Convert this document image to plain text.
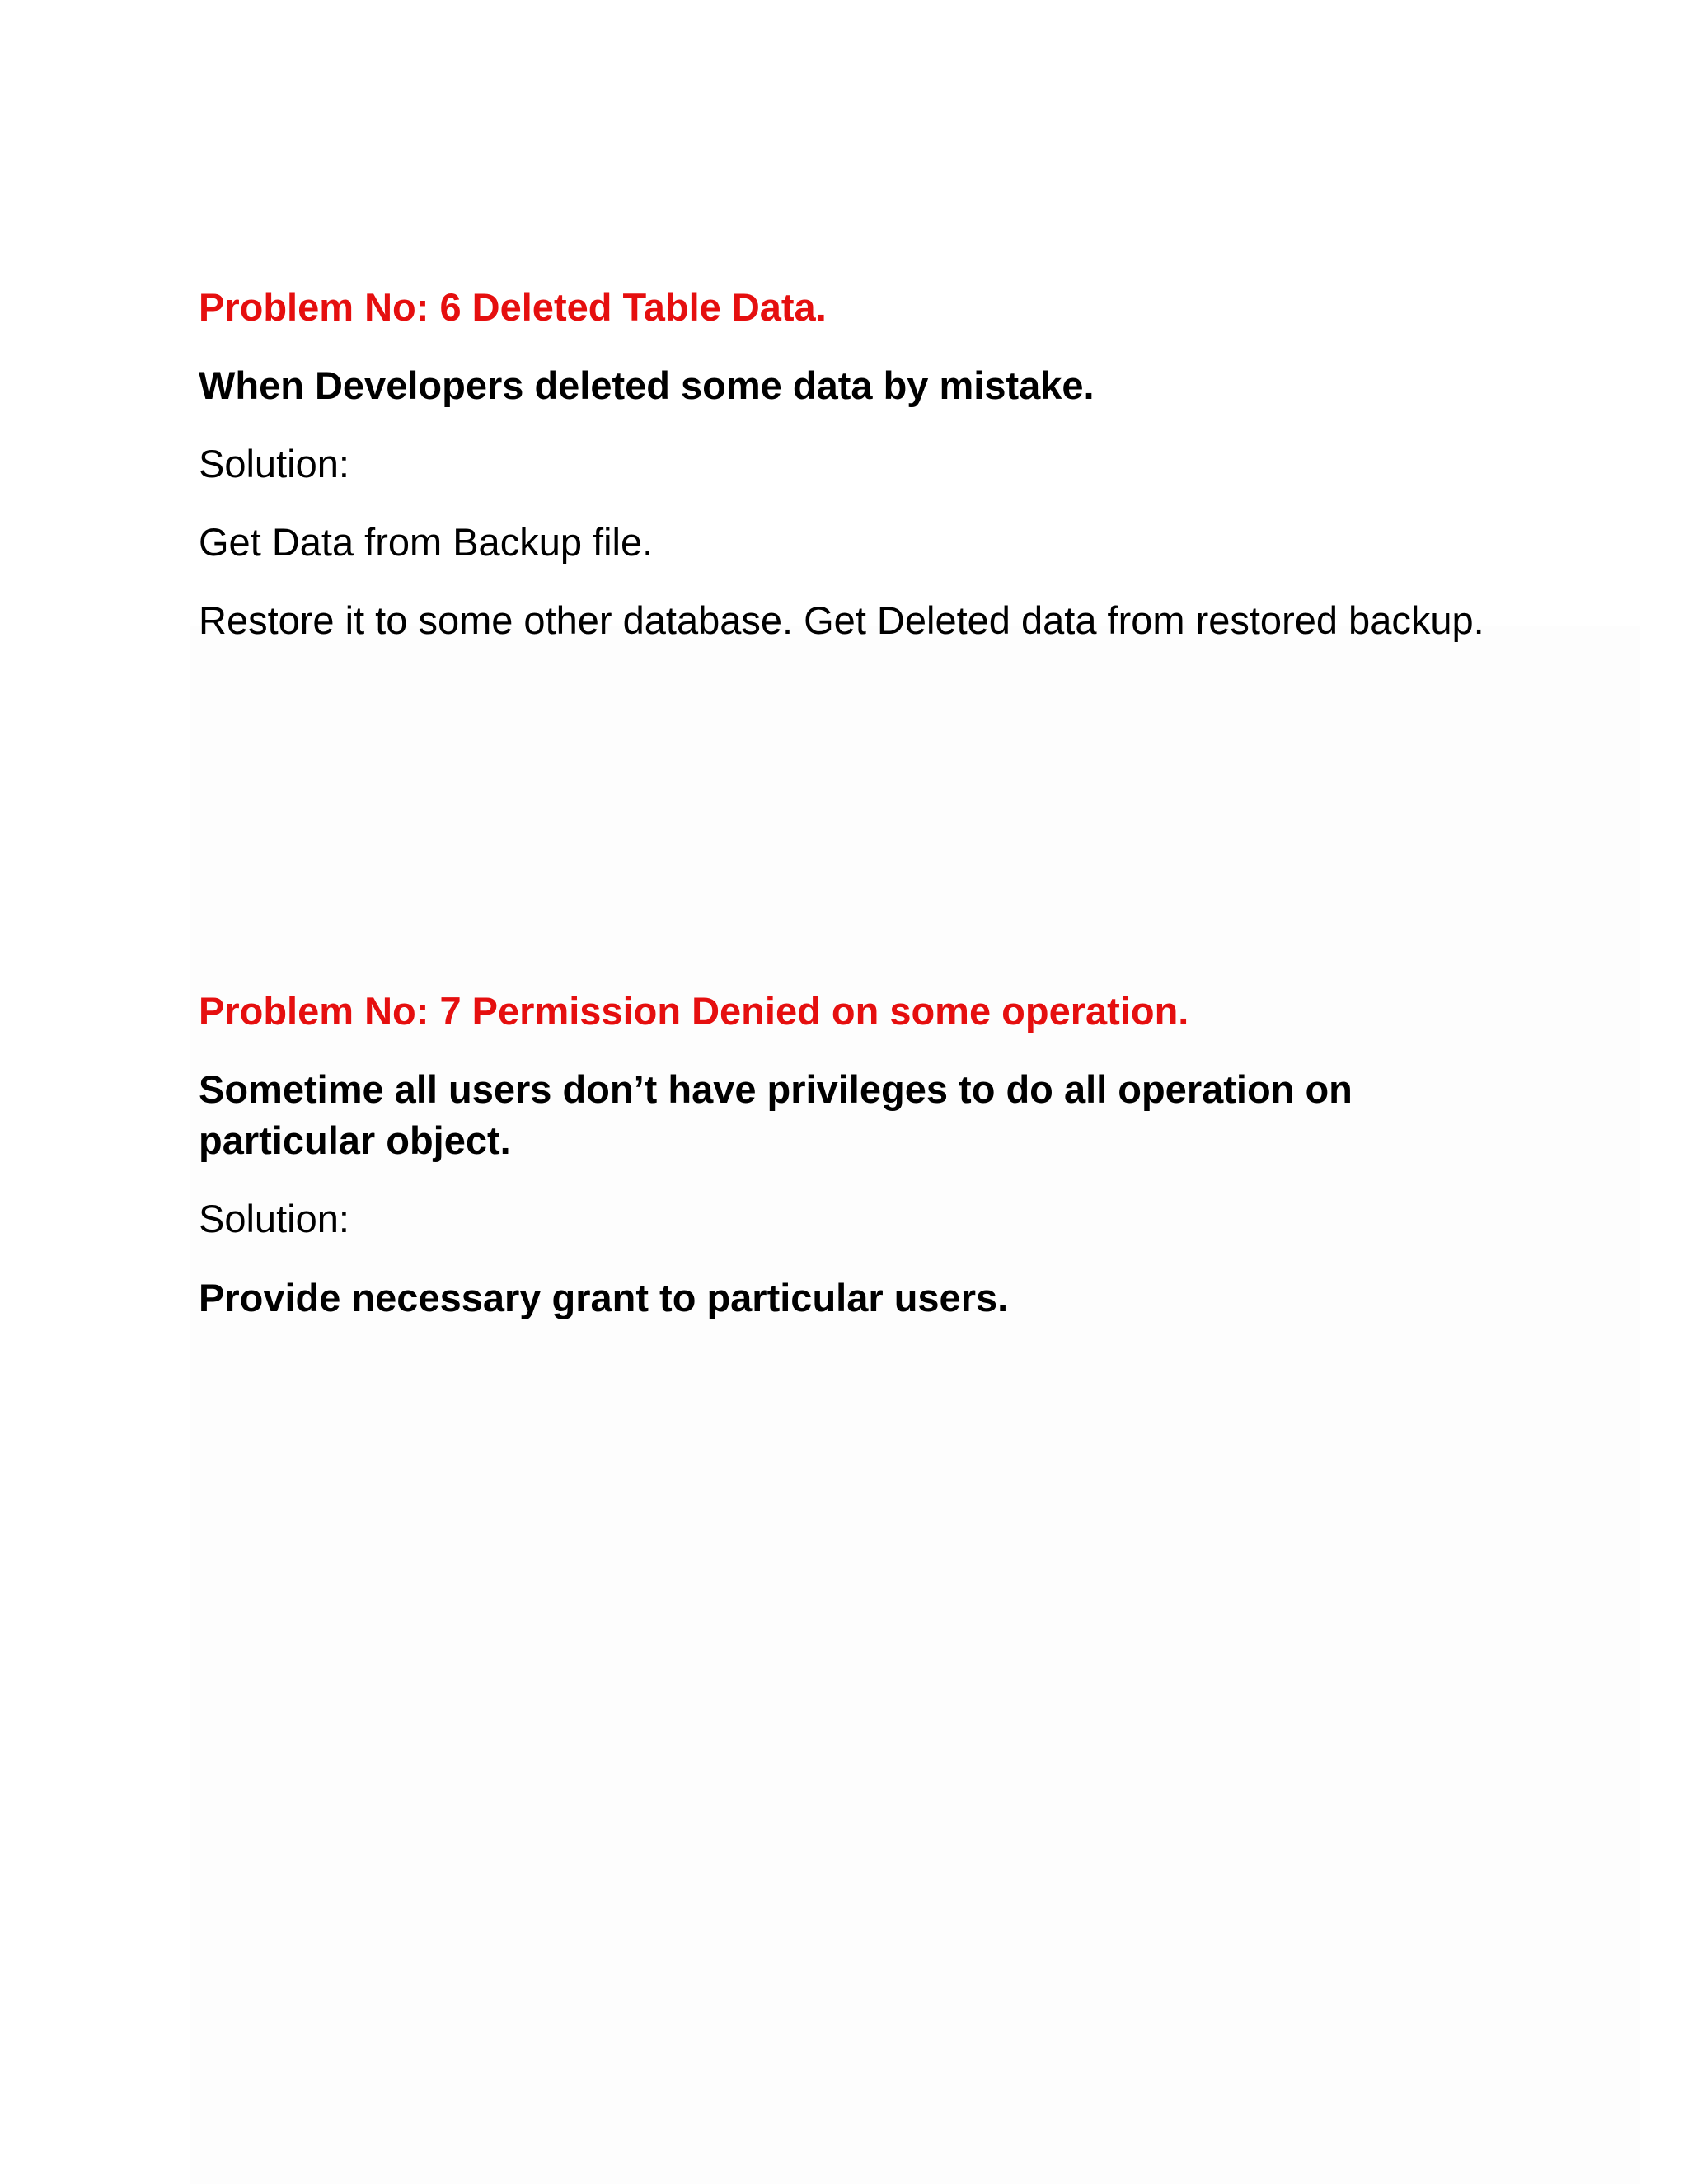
Problem No: 6 Deleted Table Data.

When Developers deleted some data by mistake.

Solution:

Get Data from Backup file.

Restore it to some other database. Get Deleted data from restored backup.

Problem No: 7 Permission Denied on some operation.

Sometime all users don’t have privileges to do all operation on particular object.

Solution:

Provide necessary grant to particular users.
